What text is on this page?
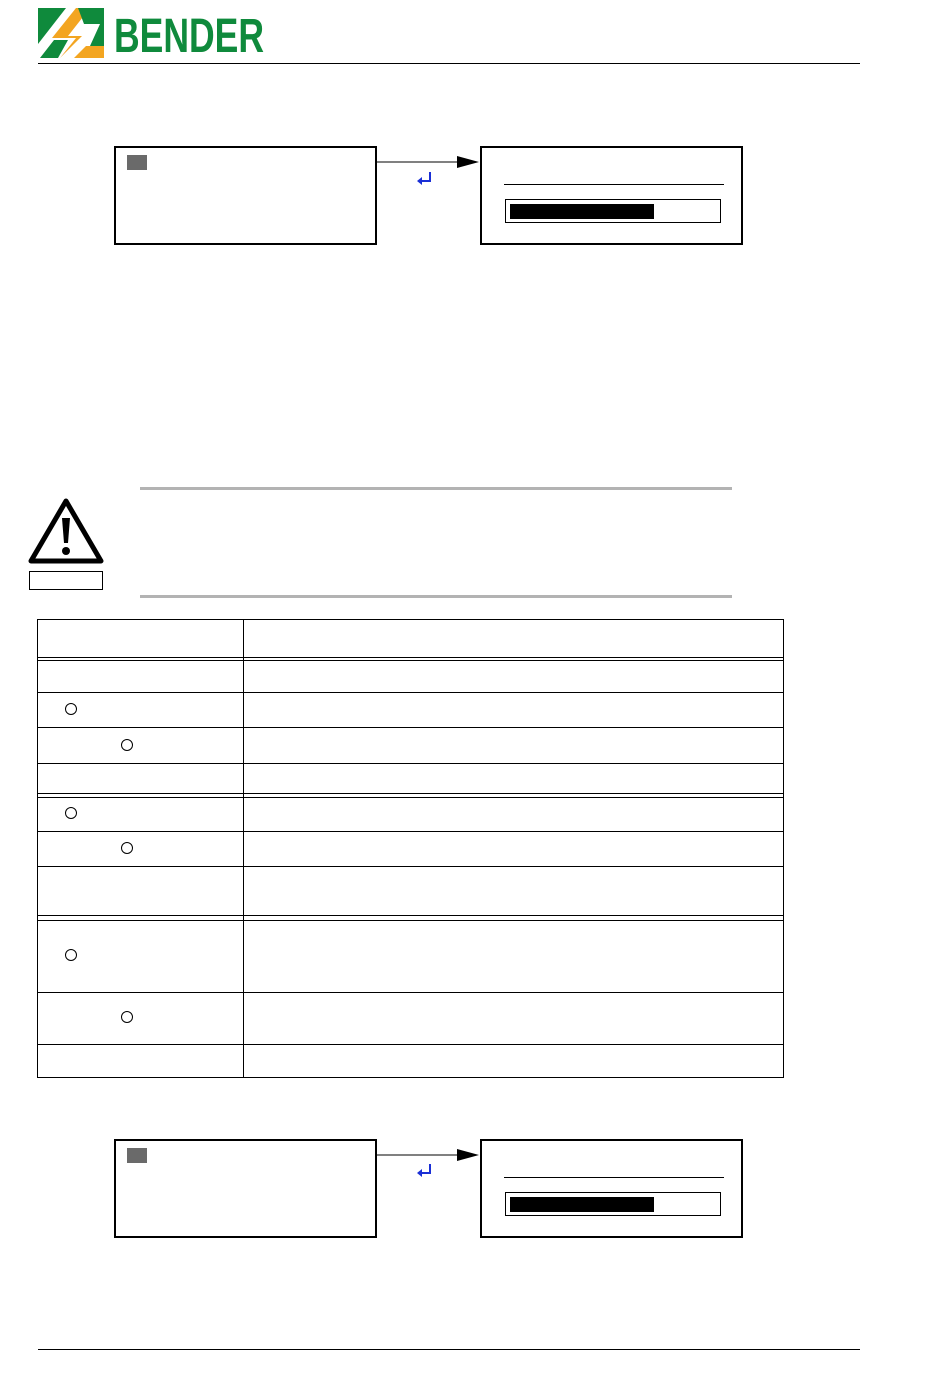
BENDER
